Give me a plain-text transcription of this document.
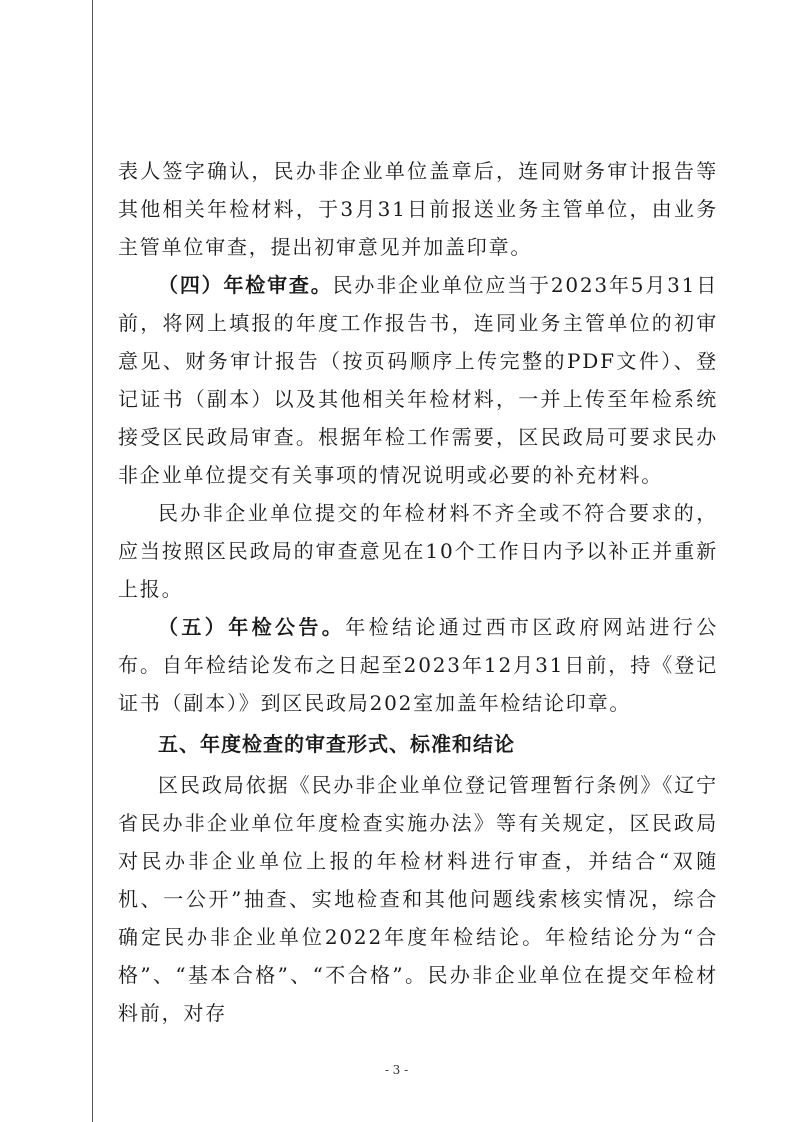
表人签字确认，民办非企业单位盖章后，连同财务审计报告等其他相关年检材料，于3月31日前报送业务主管单位，由业务主管单位审查，提出初审意见并加盖印章。

（四）年检审查。民办非企业单位应当于2023年5月31日前，将网上填报的年度工作报告书，连同业务主管单位的初审意见、财务审计报告（按页码顺序上传完整的PDF文件）、登记证书（副本）以及其他相关年检材料，一并上传至年检系统接受区民政局审查。根据年检工作需要，区民政局可要求民办非企业单位提交有关事项的情况说明或必要的补充材料。

民办非企业单位提交的年检材料不齐全或不符合要求的，应当按照区民政局的审查意见在10个工作日内予以补正并重新上报。

（五）年检公告。年检结论通过西市区政府网站进行公布。自年检结论发布之日起至2023年12月31日前，持《登记证书（副本）》到区民政局202室加盖年检结论印章。

五、年度检查的审查形式、标准和结论

区民政局依据《民办非企业单位登记管理暂行条例》《辽宁省民办非企业单位年度检查实施办法》等有关规定，区民政局对民办非企业单位上报的年检材料进行审查，并结合“双随机、一公开”抽查、实地检查和其他问题线索核实情况，综合确定民办非企业单位2022年度年检结论。年检结论分为“合格”、“基本合格”、“不合格”。民办非企业单位在提交年检材料前，对存

- 3 -
